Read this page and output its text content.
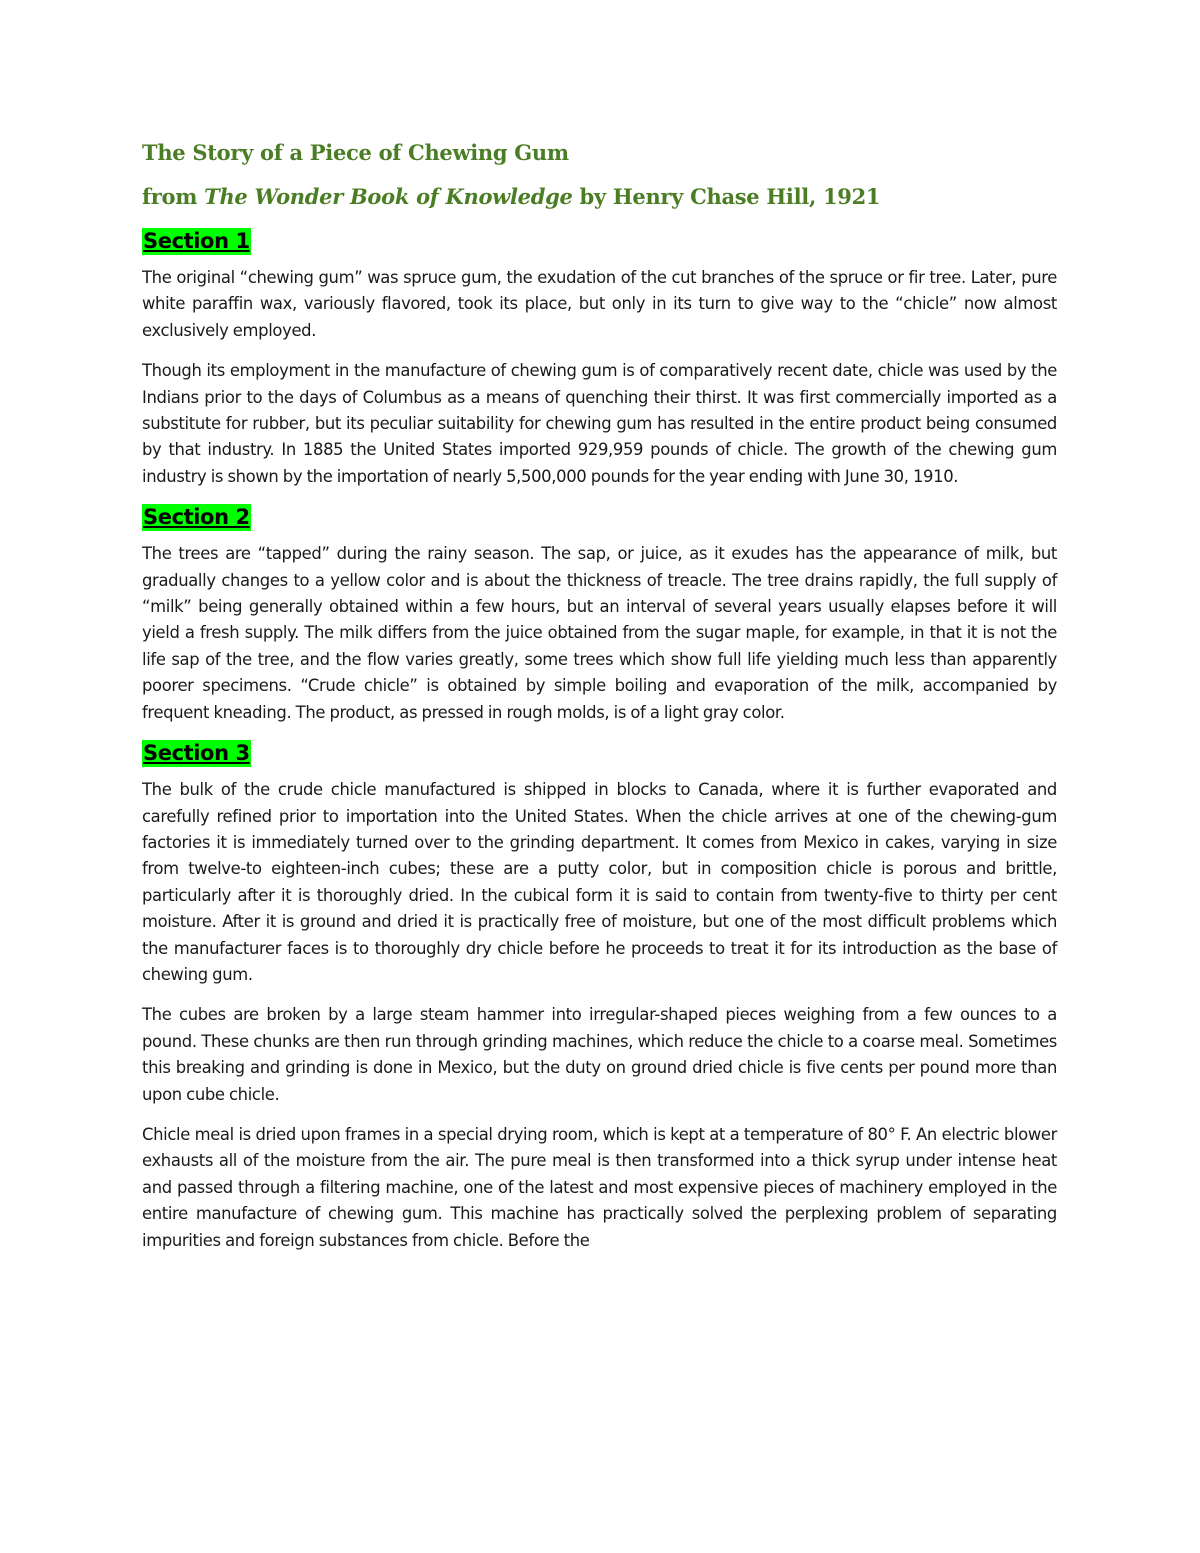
The Story of a Piece of Chewing Gum
from The Wonder Book of Knowledge by Henry Chase Hill, 1921
Section 1

The original “chewing gum” was spruce gum, the exudation of the cut branches of the spruce or fir tree. Later, pure white paraffin wax, variously flavored, took its place, but only in its turn to give way to the “chicle” now almost exclusively employed.

Though its employment in the manufacture of chewing gum is of comparatively recent date, chicle was used by the Indians prior to the days of Columbus as a means of quenching their thirst. It was first commercially imported as a substitute for rubber, but its peculiar suitability for chewing gum has resulted in the entire product being consumed by that industry. In 1885 the United States imported 929,959 pounds of chicle. The growth of the chewing gum industry is shown by the importation of nearly 5,500,000 pounds for the year ending with June 30, 1910.

Section 2

The trees are “tapped” during the rainy season. The sap, or juice, as it exudes has the appearance of milk, but gradually changes to a yellow color and is about the thickness of treacle. The tree drains rapidly, the full supply of “milk” being generally obtained within a few hours, but an interval of several years usually elapses before it will yield a fresh supply. The milk differs from the juice obtained from the sugar maple, for example, in that it is not the life sap of the tree, and the flow varies greatly, some trees which show full life yielding much less than apparently poorer specimens. “Crude chicle” is obtained by simple boiling and evaporation of the milk, accompanied by frequent kneading. The product, as pressed in rough molds, is of a light gray color.

Section 3

The bulk of the crude chicle manufactured is shipped in blocks to Canada, where it is further evaporated and carefully refined prior to importation into the United States. When the chicle arrives at one of the chewing-gum factories it is immediately turned over to the grinding department. It comes from Mexico in cakes, varying in size from twelve-to eighteen-inch cubes; these are a putty color, but in composition chicle is porous and brittle, particularly after it is thoroughly dried. In the cubical form it is said to contain from twenty-five to thirty per cent moisture. After it is ground and dried it is practically free of moisture, but one of the most difficult problems which the manufacturer faces is to thoroughly dry chicle before he proceeds to treat it for its introduction as the base of chewing gum.

The cubes are broken by a large steam hammer into irregular-shaped pieces weighing from a few ounces to a pound. These chunks are then run through grinding machines, which reduce the chicle to a coarse meal. Sometimes this breaking and grinding is done in Mexico, but the duty on ground dried chicle is five cents per pound more than upon cube chicle.

Chicle meal is dried upon frames in a special drying room, which is kept at a temperature of 80° F. An electric blower exhausts all of the moisture from the air. The pure meal is then transformed into a thick syrup under intense heat and passed through a filtering machine, one of the latest and most expensive pieces of machinery employed in the entire manufacture of chewing gum. This machine has practically solved the perplexing problem of separating impurities and foreign substances from chicle. Before the
